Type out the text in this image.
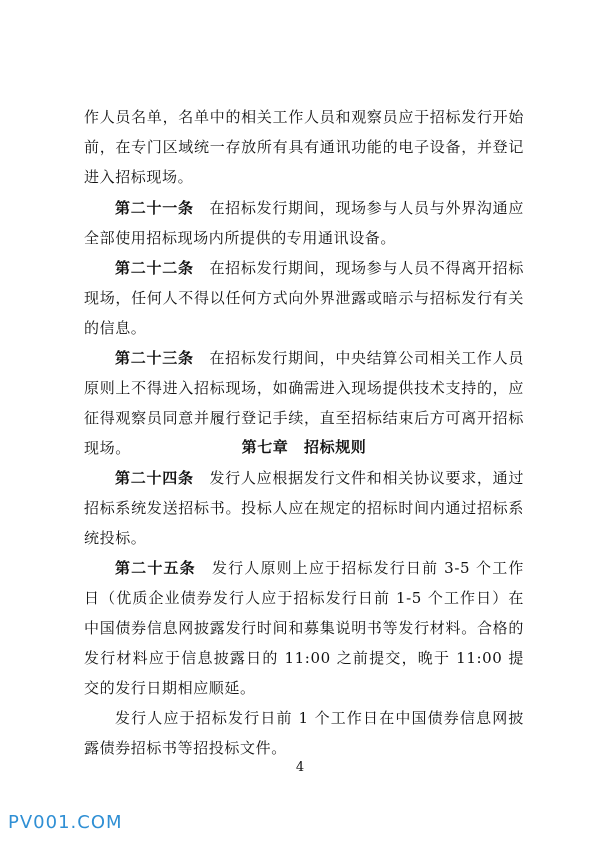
作人员名单，名单中的相关工作人员和观察员应于招标发行开始前，在专门区域统一存放所有具有通讯功能的电子设备，并登记进入招标现场。

第二十一条　 在招标发行期间，现场参与人员与外界沟通应全部使用招标现场内所提供的专用通讯设备。

第二十二条　 在招标发行期间，现场参与人员不得离开招标现场，任何人不得以任何方式向外界泄露或暗示与招标发行有关的信息。

第二十三条　 在招标发行期间，中央结算公司相关工作人员原则上不得进入招标现场，如确需进入现场提供技术支持的，应征得观察员同意并履行登记手续，直至招标结束后方可离开招标现场。	第七章　招标规则

第二十四条　 发行人应根据发行文件和相关协议要求，通过招标系统发送招标书。投标人应在规定的招标时间内通过招标系统投标。

第二十五条　 发行人原则上应于招标发行日前 3-5 个工作日（优质企业债券发行人应于招标发行日前 1-5 个工作日）在中国债券信息网披露发行时间和募集说明书等发行材料。合格的发行材料应于信息披露日的 11:00 之前提交，晚于 11:00 提交的发行日期相应顺延。

发行人应于招标发行日前 1 个工作日在中国债券信息网披露债券招标书等招投标文件。

4
PV001.COM
